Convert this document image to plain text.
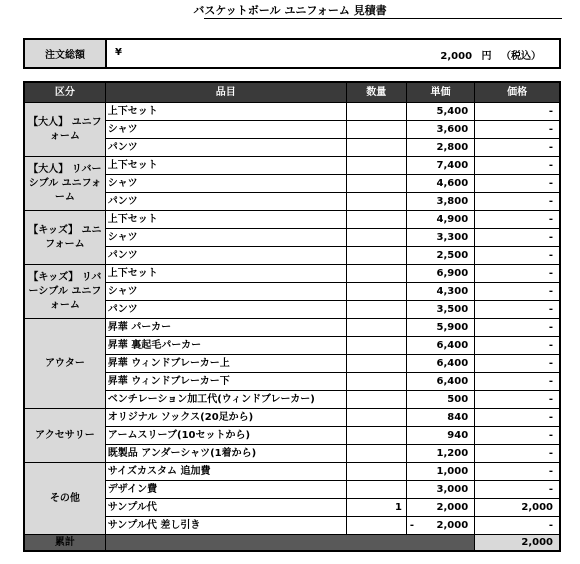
バスケットボール ユニフォーム 見積書
注文総額	¥	2,000 円 （税込）
区分	品目	数量	単価	価格
【大人】 ユニフォーム	上下セット		5,400	-
	シャツ		3,600	-
	パンツ		2,800	-
【大人】 リバーシブル ユニフォーム	上下セット		7,400	-
	シャツ		4,600	-
	パンツ		3,800	-
【キッズ】 ユニフォーム	上下セット		4,900	-
	シャツ		3,300	-
	パンツ		2,500	-
【キッズ】 リバーシブル ユニフォーム	上下セット		6,900	-
	シャツ		4,300	-
	パンツ		3,500	-
アウター	昇華 パーカー		5,900	-
	昇華 裏起毛パーカー		6,400	-
	昇華 ウィンドブレーカー上		6,400	-
	昇華 ウィンドブレーカー下		6,400	-
	ベンチレーション加工代(ウィンドブレーカー)		500	-
アクセサリー	オリジナル ソックス(20足から)		840	-
	アームスリーブ(10セットから)		940	-
	既製品 アンダーシャツ(1着から)		1,200	-
その他	サイズカスタム 追加費		1,000	-
	デザイン費		3,000	-
	サンプル代	1	2,000	2,000
	サンプル代 差し引き		- 2,000	-
累計				2,000
